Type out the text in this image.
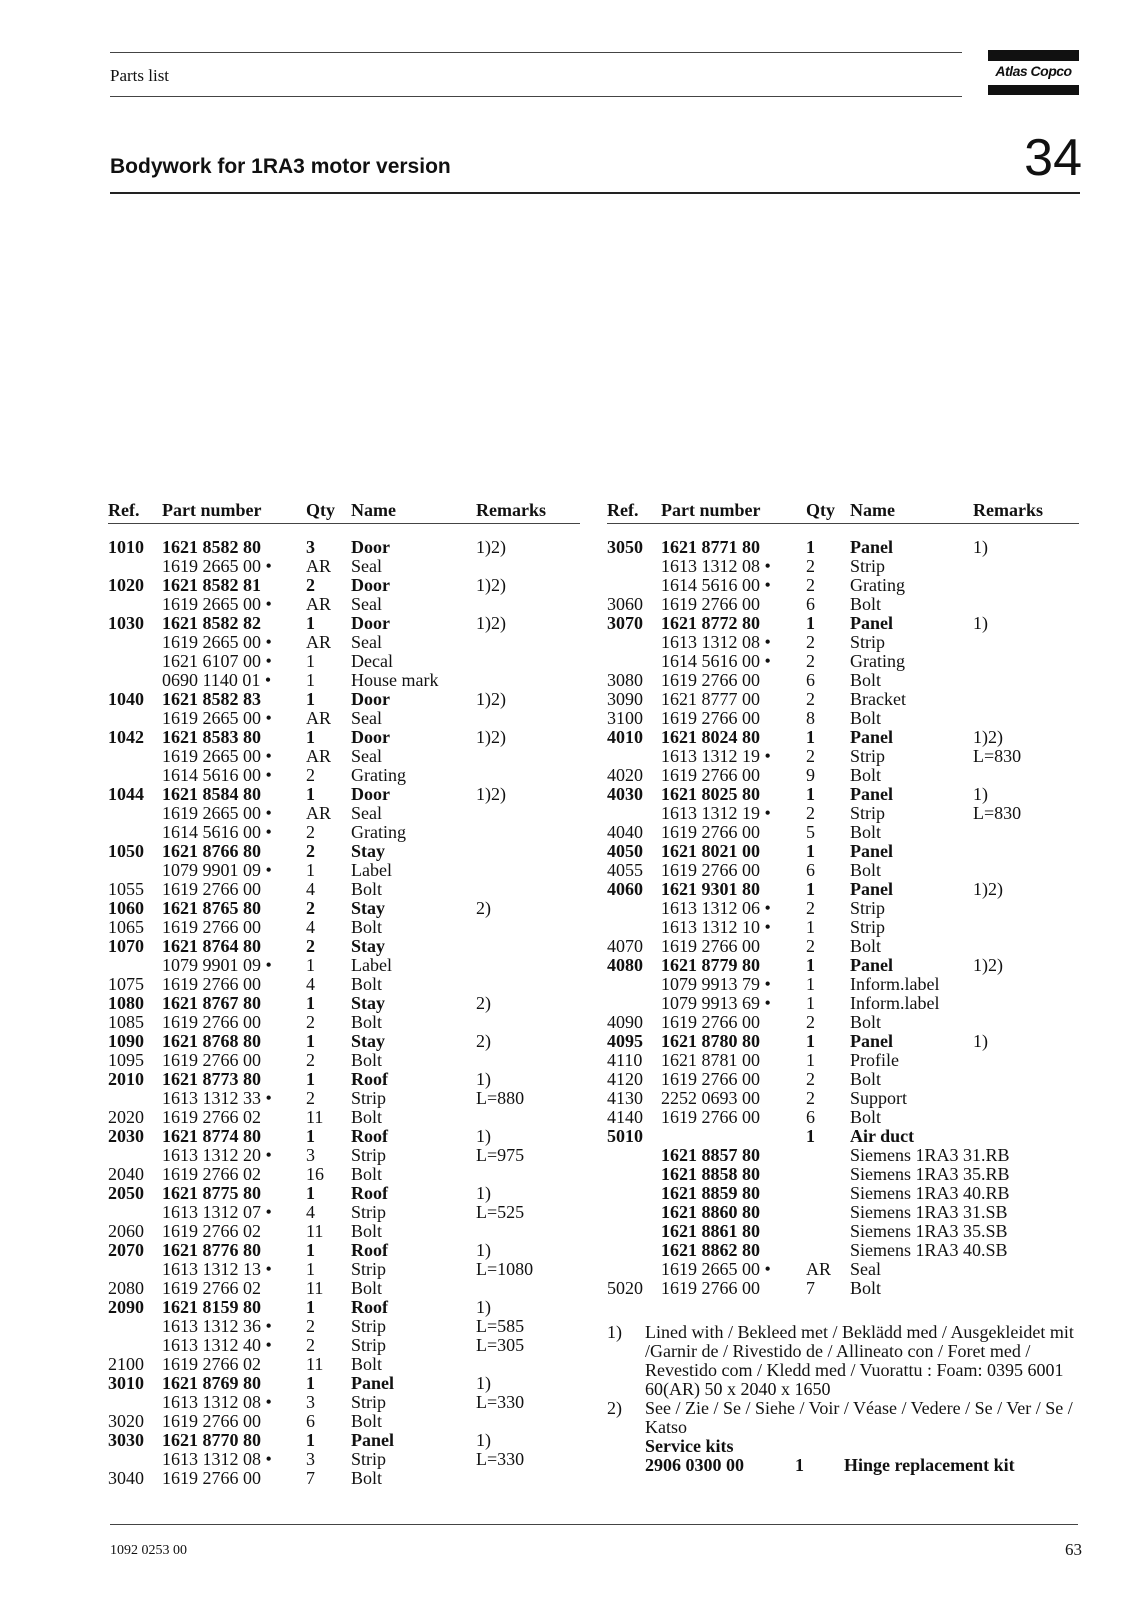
Parts list	Atlas Copco
Bodywork for 1RA3 motor version	34
Ref. Part number Qty Name	Remarks
1010 1621 8582 80	3 Door	1)2)
1619 2665 00 • AR Seal
1020 1621 8582 81	2 Door	1)2)
1619 2665 00 • AR Seal
1030 1621 8582 82	1 Door	1)2)
1619 2665 00 • AR Seal
1621 6107 00 • 1 Decal
0690 1140 01 • 1 House mark
1040 1621 8582 83	1 Door	1)2)
1619 2665 00 • AR Seal
1042 1621 8583 80	1 Door	1)2)
1619 2665 00 • AR Seal
1614 5616 00 • 2 Grating
1044 1621 8584 80	1 Door	1)2)
1619 2665 00 • AR Seal
1614 5616 00 • 2 Grating
1050 1621 8766 80	2 Stay
1079 9901 09 • 1 Label
1055 1619 2766 00	4 Bolt
1060 1621 8765 80	2 Stay	2)
1065 1619 2766 00	4 Bolt
1070 1621 8764 80	2 Stay
1079 9901 09 • 1 Label
1075 1619 2766 00	4 Bolt
1080 1621 8767 80	1 Stay	2)
1085 1619 2766 00	2 Bolt
1090 1621 8768 80	1 Stay	2)
1095 1619 2766 00	2 Bolt
2010 1621 8773 80	1 Roof	1)
1613 1312 33 • 2 Strip	L=880
2020 1619 2766 02	11 Bolt
2030 1621 8774 80	1 Roof	1)
1613 1312 20 • 3 Strip	L=975
2040 1619 2766 02	16 Bolt
2050 1621 8775 80	1 Roof	1)
1613 1312 07 • 4 Strip	L=525
2060 1619 2766 02	11 Bolt
2070 1621 8776 80	1 Roof	1)
1613 1312 13 • 1 Strip	L=1080
2080 1619 2766 02	11 Bolt
2090 1621 8159 80	1 Roof	1)
1613 1312 36 • 2 Strip	L=585
1613 1312 40 • 2 Strip	L=305
2100 1619 2766 02	11 Bolt
3010 1621 8769 80	1 Panel	1)
1613 1312 08 • 3 Strip	L=330
3020 1619 2766 00	6 Bolt
3030 1621 8770 80	1 Panel	1)
1613 1312 08 • 3 Strip	L=330
3040 1619 2766 00	7 Bolt
Ref. Part number	Qty Name	Remarks
3050 1621 8771 80	1 Panel	1)
1613 1312 08 • 2 Strip
1614 5616 00 • 2 Grating
3060 1619 2766 00	6 Bolt
3070 1621 8772 80	1 Panel	1)
1613 1312 08 • 2 Strip
1614 5616 00 • 2 Grating
3080 1619 2766 00	6 Bolt
3090 1621 8777 00	2 Bracket
3100 1619 2766 00	8 Bolt
4010 1621 8024 80	1 Panel	1)2)
1613 1312 19 • 2 Strip	L=830
4020 1619 2766 00	9 Bolt
4030 1621 8025 80	1 Panel	1)
1613 1312 19 • 2 Strip	L=830
4040 1619 2766 00	5 Bolt
4050 1621 8021 00	1 Panel
4055 1619 2766 00	6 Bolt
4060 1621 9301 80	1 Panel	1)2)
1613 1312 06 • 2 Strip
1613 1312 10 • 1 Strip
4070 1619 2766 00	2 Bolt
4080 1621 8779 80	1 Panel	1)2)
1079 9913 79 • 1 Inform.label
1079 9913 69 • 1 Inform.label
4090 1619 2766 00	2 Bolt
4095 1621 8780 80	1 Panel	1)
4110 1621 8781 00	1 Profile
4120 1619 2766 00	2 Bolt
4130 2252 0693 00	2 Support
4140 1619 2766 00	6 Bolt
5010	1 Air duct
1621 8857 80	Siemens 1RA3 31.RB
1621 8858 80	Siemens 1RA3 35.RB
1621 8859 80	Siemens 1RA3 40.RB
1621 8860 80	Siemens 1RA3 31.SB
1621 8861 80	Siemens 1RA3 35.SB
1621 8862 80	Siemens 1RA3 40.SB
1619 2665 00 • AR Seal
5020 1619 2766 00	7 Bolt
1) Lined with / Bekleed met / Beklädd med / Ausgekleidet mit /Garnir de / Rivestido de / Allineato con / Foret med / Revestido com / Kledd med / Vuorattu : Foam: 0395 6001 60(AR) 50 x 2040 x 1650
2) See / Zie / Se / Siehe / Voir / Véase / Vedere / Se / Ver / Se / Katso
Service kits
2906 0300 00	1 Hinge replacement kit
1092 0253 00	63
